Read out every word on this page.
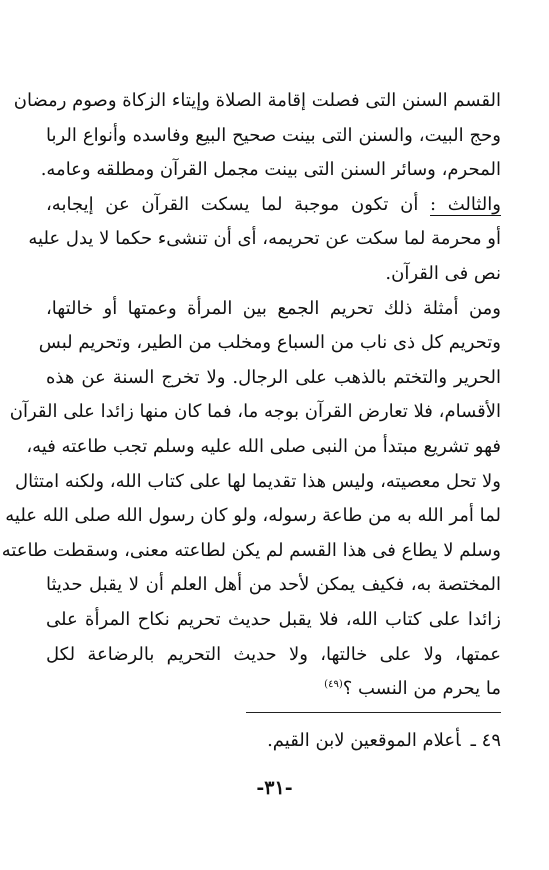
القسم السنن التى فصلت إقامة الصلاة وإيتاء الزكاة وصوم رمضان
وحج البيت، والسنن التى بينت صحيح البيع وفاسده وأنواع الربا
المحرم، وسائر السنن التى بينت مجمل القرآن ومطلقه وعامه.
والثالث : أن تكون موجبة لما يسكت القرآن عن إيجابه،
أو محرمة لما سكت عن تحريمه، أى أن تنشىء حكما لا يدل عليه
نص فى القرآن.
ومن أمثلة ذلك تحريم الجمع بين المرأة وعمتها أو خالتها،
وتحريم كل ذى ناب من السباع ومخلب من الطير، وتحريم لبس
الحرير والتختم بالذهب على الرجال. ولا تخرج السنة عن هذه
الأقسام، فلا تعارض القرآن بوجه ما، فما كان منها زائدا على القرآن
فهو تشريع مبتدأ من النبى صلى الله عليه وسلم تجب طاعته فيه،
ولا تحل معصيته، وليس هذا تقديما لها على كتاب الله، ولكنه امتثال
لما أمر الله به من طاعة رسوله، ولو كان رسول الله صلى الله عليه
وسلم لا يطاع فى هذا القسم لم يكن لطاعته معنى، وسقطت طاعته
المختصة به، فكيف يمكن لأحد من أهل العلم أن لا يقبل حديثا
زائدا على كتاب الله، فلا يقبل حديث تحريم نكاح المرأة على
عمتها، ولا على خالتها، ولا حديث التحريم بالرضاعة لكل
ما يحرم من النسب ؟$^{(٤٩)}$
٤٩ ـأعلام الموقعين لابن القيم.
-٣١-
